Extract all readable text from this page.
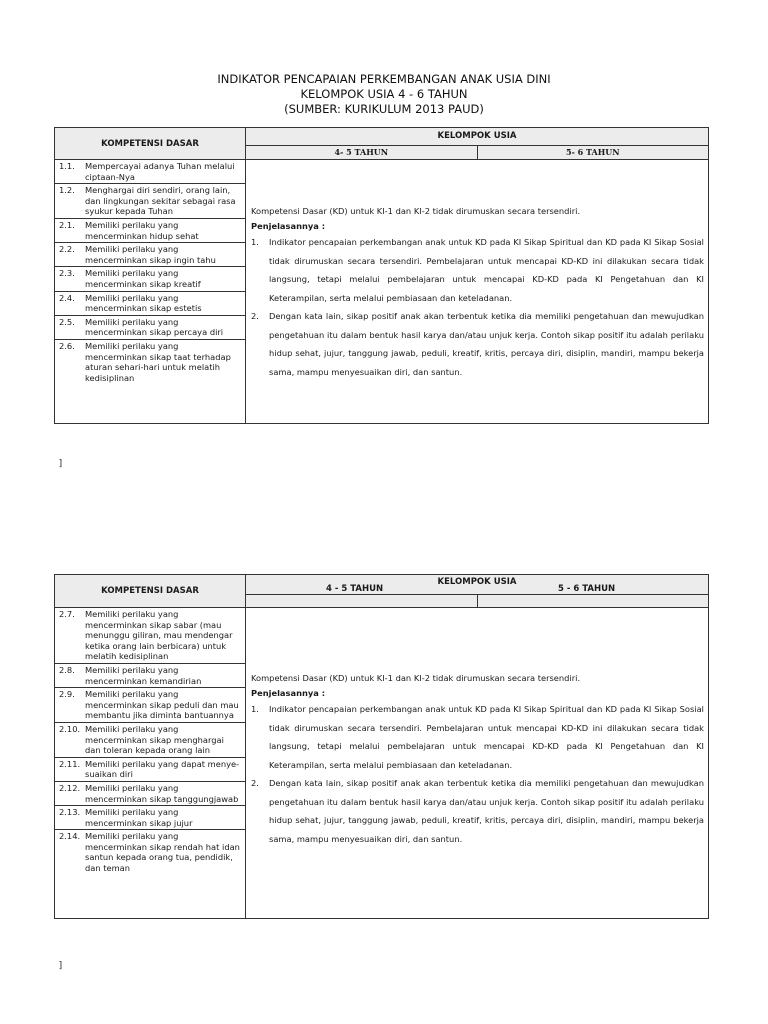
INDIKATOR PENCAPAIAN PERKEMBANGAN ANAK USIA DINI
KELOMPOK USIA 4 - 6 TAHUN
(SUMBER: KURIKULUM 2013 PAUD)
KOMPETENSI DASAR
KELOMPOK USIA
4- 5 TAHUN	5- 6 TAHUN
1.1.	Mempercayai adanya Tuhan melalui ciptaan-Nya
1.2.	Menghargai diri sendiri, orang lain, dan lingkungan sekitar sebagai rasa syukur kepada Tuhan
2.1.	Memiliki perilaku yang mencerminkan hidup sehat
2.2.	Memiliki perilaku yang mencerminkan sikap ingin tahu
2.3.	Memiliki perilaku yang mencerminkan sikap kreatif
2.4.	Memiliki perilaku yang mencerminkan sikap estetis
2.5.	Memiliki perilaku yang mencerminkan sikap percaya diri
2.6.	Memiliki perilaku yang mencerminkan sikap taat terhadap aturan sehari-hari untuk melatih kedisiplinan
Kompetensi Dasar (KD) untuk KI-1 dan KI-2 tidak dirumuskan secara tersendiri.
Penjelasannya :
1.	Indikator pencapaian perkembangan anak untuk KD pada KI Sikap Spiritual dan KD pada KI Sikap Sosial tidak dirumuskan secara tersendiri. Pembelajaran untuk mencapai KD-KD ini dilakukan secara tidak langsung, tetapi melalui pembelajaran untuk mencapai KD-KD pada KI Pengetahuan dan KI Keterampilan, serta melalui pembiasaan dan keteladanan.
2.	Dengan kata lain, sikap positif anak akan terbentuk ketika dia memiliki pengetahuan dan mewujudkan pengetahuan itu dalam bentuk hasil karya dan/atau unjuk kerja. Contoh sikap positif itu adalah perilaku hidup sehat, jujur, tanggung jawab, peduli, kreatif, kritis, percaya diri, disiplin, mandiri, mampu bekerja sama, mampu menyesuaikan diri, dan santun.
]
KOMPETENSI DASAR
KELOMPOK USIA
4 - 5 TAHUN	5 - 6 TAHUN
2.7.	Memiliki perilaku yang mencerminkan sikap sabar (mau menunggu giliran, mau mendengar ketika orang lain berbicara) untuk melatih kedisiplinan
2.8.	Memiliki perilaku yang mencerminkan kemandirian
2.9.	Memiliki perilaku yang mencerminkan sikap peduli dan mau membantu jika diminta bantuannya
2.10. Memiliki perilaku yang mencerminkan sikap menghargai dan toleran kepada orang lain
2.11. Memiliki perilaku yang dapat menye- suaikan diri
2.12. Memiliki perilaku yang mencerminkan sikap tanggungjawab
2.13. Memiliki perilaku yang mencerminkan sikap jujur
2.14. Memiliki perilaku yang mencerminkan sikap rendah hat idan santun kepada orang tua, pendidik, dan teman
Kompetensi Dasar (KD) untuk KI-1 dan KI-2 tidak dirumuskan secara tersendiri.
Penjelasannya :
1.	Indikator pencapaian perkembangan anak untuk KD pada KI Sikap Spiritual dan KD pada KI Sikap Sosial tidak dirumuskan secara tersendiri. Pembelajaran untuk mencapai KD-KD ini dilakukan secara tidak langsung, tetapi melalui pembelajaran untuk mencapai KD-KD pada KI Pengetahuan dan KI Keterampilan, serta melalui pembiasaan dan keteladanan.
2.	Dengan kata lain, sikap positif anak akan terbentuk ketika dia memiliki pengetahuan dan mewujudkan pengetahuan itu dalam bentuk hasil karya dan/atau unjuk kerja. Contoh sikap positif itu adalah perilaku hidup sehat, jujur, tanggung jawab, peduli, kreatif, kritis, percaya diri, disiplin, mandiri, mampu bekerja sama, mampu menyesuaikan diri, dan santun.
]
